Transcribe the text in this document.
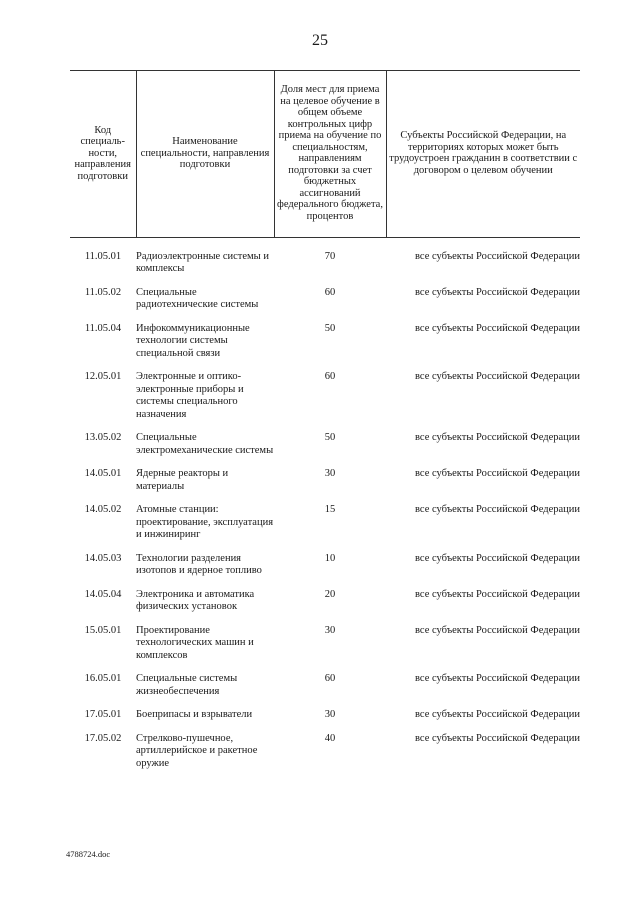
25
Код специаль-ности, направления подготовки	Наименование специальности, направления подготовки	Доля мест для приема на целевое обучение в общем объеме контрольных цифр приема на обучение по специальностям, направлениям подготовки за счет бюджетных ассигнований федерального бюджета, процентов	Субъекты Российской Федерации, на территориях которых может быть трудоустроен гражданин в соответствии с договором о целевом обучении

11.05.01	Радиоэлектронные системы и комплексы	70	все субъекты Российской Федерации
11.05.02	Специальные радиотехнические системы	60	все субъекты Российской Федерации
11.05.04	Инфокоммуникационные технологии системы специальной связи	50	все субъекты Российской Федерации
12.05.01	Электронные и оптико-электронные приборы и системы специального назначения	60	все субъекты Российской Федерации
13.05.02	Специальные электромеханические системы	50	все субъекты Российской Федерации
14.05.01	Ядерные реакторы и материалы	30	все субъекты Российской Федерации
14.05.02	Атомные станции: проектирование, эксплуатация и инжиниринг	15	все субъекты Российской Федерации
14.05.03	Технологии разделения изотопов и ядерное топливо	10	все субъекты Российской Федерации
14.05.04	Электроника и автоматика физических установок	20	все субъекты Российской Федерации
15.05.01	Проектирование технологических машин и комплексов	30	все субъекты Российской Федерации
16.05.01	Специальные системы жизнеобеспечения	60	все субъекты Российской Федерации
17.05.01	Боеприпасы и взрыватели	30	все субъекты Российской Федерации
17.05.02	Стрелково-пушечное, артиллерийское и ракетное оружие	40	все субъекты Российской Федерации
4788724.doc
